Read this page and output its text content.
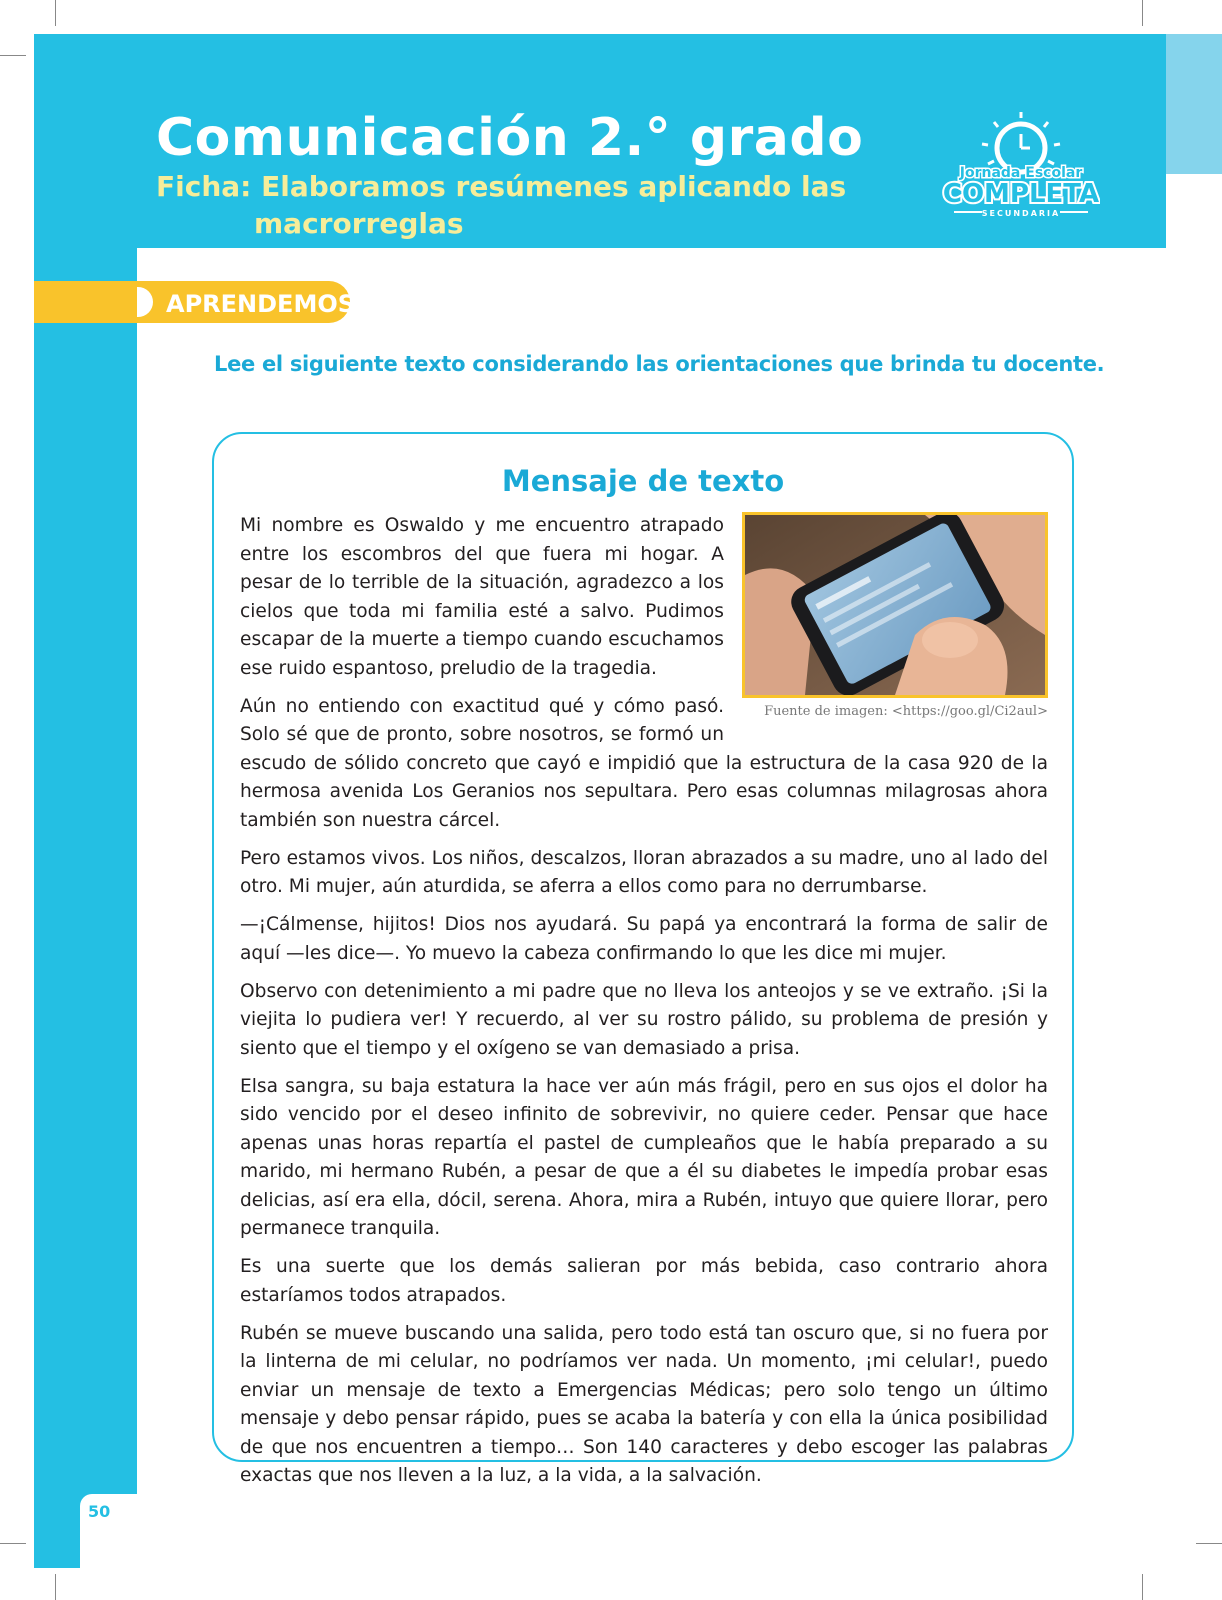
Comunicación 2.° grado
Ficha: Elaboramos resúmenes aplicando las
macrorreglas
Jornada Escolar
COMPLETA
SECUNDARIA
APRENDEMOS
Lee el siguiente texto considerando las orientaciones que brinda tu docente.
Mensaje de texto
Fuente de imagen: <https://goo.gl/Ci2aul>

Mi nombre es Oswaldo y me encuentro atrapado entre los escombros del que fuera mi hogar. A pesar de lo terrible de la situación, agradezco a los cielos que toda mi familia esté a salvo. Pudimos escapar de la muerte a tiempo cuando escuchamos ese ruido espantoso, preludio de la tragedia.

Aún no entiendo con exactitud qué y cómo pasó. Solo sé que de pronto, sobre nosotros, se formó un escudo de sólido concreto que cayó e impidió que la estructura de la casa 920 de la hermosa avenida Los Geranios nos sepultara. Pero esas columnas milagrosas ahora también son nuestra cárcel.

Pero estamos vivos. Los niños, descalzos, lloran abrazados a su madre, uno al lado del otro. Mi mujer, aún aturdida, se aferra a ellos como para no derrumbarse.

—¡Cálmense, hijitos! Dios nos ayudará. Su papá ya encontrará la forma de salir de aquí —les dice—. Yo muevo la cabeza confirmando lo que les dice mi mujer.

Observo con detenimiento a mi padre que no lleva los anteojos y se ve extraño. ¡Si la viejita lo pudiera ver! Y recuerdo, al ver su rostro pálido, su problema de presión y siento que el tiempo y el oxígeno se van demasiado a prisa.

Elsa sangra, su baja estatura la hace ver aún más frágil, pero en sus ojos el dolor ha sido vencido por el deseo infinito de sobrevivir, no quiere ceder. Pensar que hace apenas unas horas repartía el pastel de cumpleaños que le había preparado a su marido, mi hermano Rubén, a pesar de que a él su diabetes le impedía probar esas delicias, así era ella, dócil, serena. Ahora, mira a Rubén, intuyo que quiere llorar, pero permanece tranquila.

Es una suerte que los demás salieran por más bebida, caso contrario ahora estaríamos todos atrapados.

Rubén se mueve buscando una salida, pero todo está tan oscuro que, si no fuera por la linterna de mi celular, no podríamos ver nada. Un momento, ¡mi celular!, puedo enviar un mensaje de texto a Emergencias Médicas; pero solo tengo un último mensaje y debo pensar rápido, pues se acaba la batería y con ella la única posibilidad de que nos encuentren a tiempo… Son 140 caracteres y debo escoger las palabras exactas que nos lleven a la luz, a la vida, a la salvación.

50
